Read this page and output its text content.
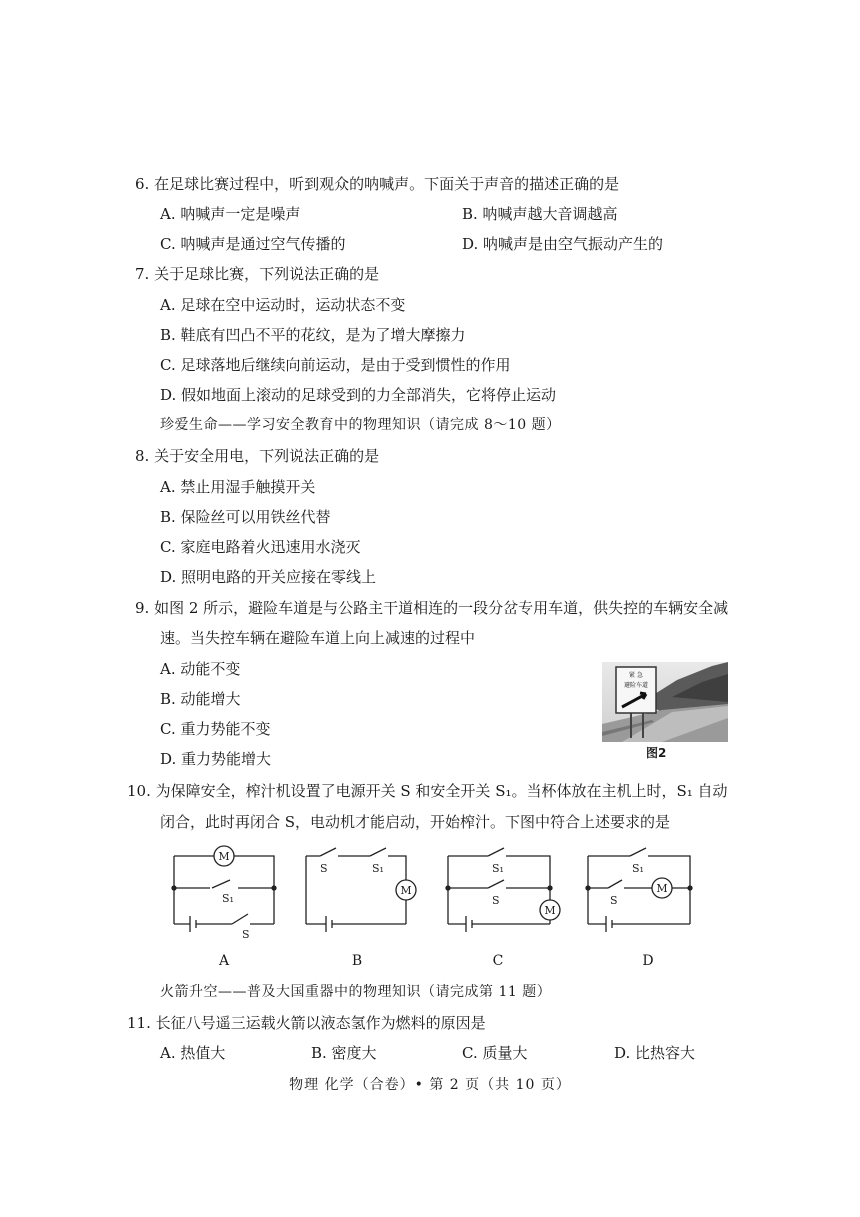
6. 在足球比赛过程中，听到观众的呐喊声。下面关于声音的描述正确的是
A. 呐喊声一定是噪声	B. 呐喊声越大音调越高
C. 呐喊声是通过空气传播的	D. 呐喊声是由空气振动产生的
7. 关于足球比赛，下列说法正确的是
A. 足球在空中运动时，运动状态不变
B. 鞋底有凹凸不平的花纹，是为了增大摩擦力
C. 足球落地后继续向前运动，是由于受到惯性的作用
D. 假如地面上滚动的足球受到的力全部消失，它将停止运动
珍爱生命——学习安全教育中的物理知识（请完成 8～10 题）
8. 关于安全用电，下列说法正确的是
A. 禁止用湿手触摸开关
B. 保险丝可以用铁丝代替
C. 家庭电路着火迅速用水浇灭
D. 照明电路的开关应接在零线上
9. 如图 2 所示，避险车道是与公路主干道相连的一段分岔专用车道，供失控的车辆安全减
速。当失控车辆在避险车道上向上减速的过程中
A. 动能不变
B. 动能增大
C. 重力势能不变
D. 重力势能增大
紧 急
避险车道
图2
10. 为保障安全，榨汁机设置了电源开关 S 和安全开关 S₁。当杯体放在主机上时，S₁ 自动
闭合，此时再闭合 S，电动机才能启动，开始榨汁。下图中符合上述要求的是
M
S₁
S
S	S₁
M
S₁
S
M
S₁
S
M
A	B	C	D
火箭升空——普及大国重器中的物理知识（请完成第 11 题）
11. 长征八号遥三运载火箭以液态氢作为燃料的原因是
A. 热值大	B. 密度大	C. 质量大	D. 比热容大
物理 化学（合卷）• 第 2 页（共 10 页）
